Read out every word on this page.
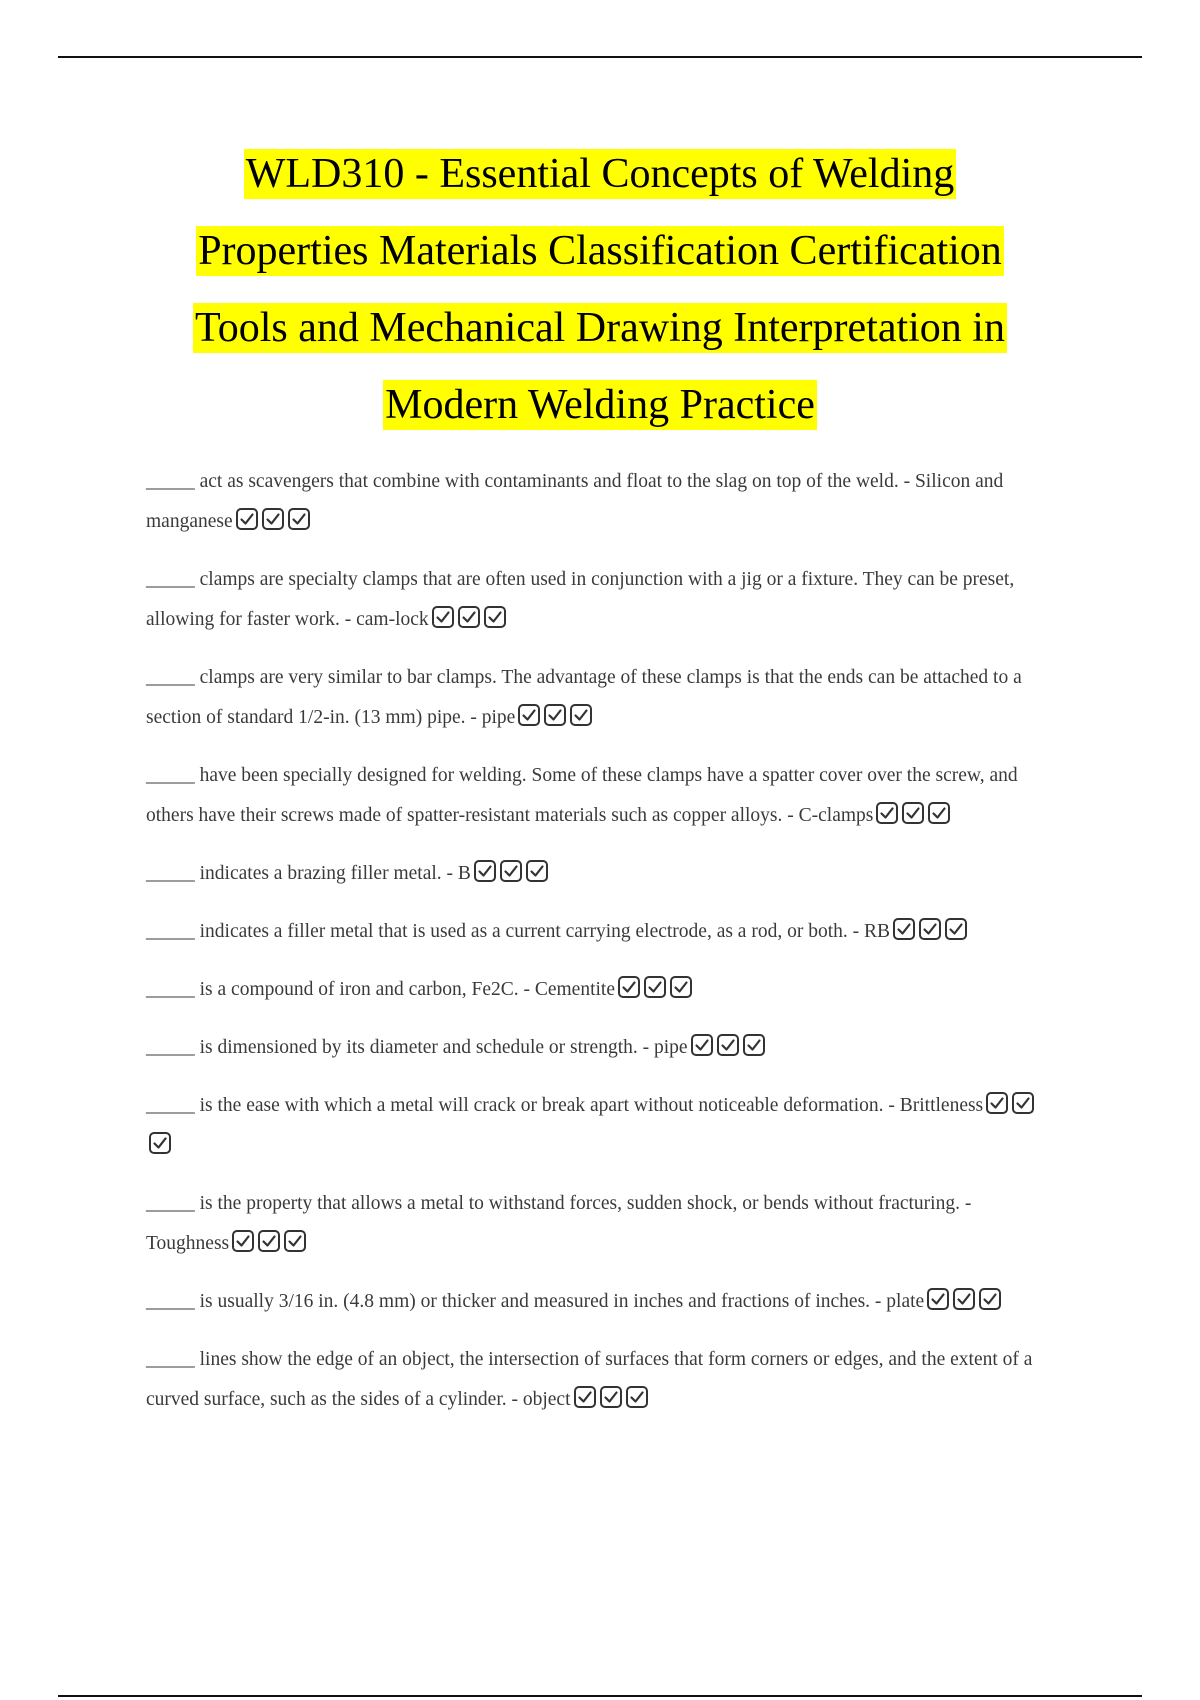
WLD310 - Essential Concepts of Welding
Properties Materials Classification Certification
Tools and Mechanical Drawing Interpretation in
Modern Welding Practice

_____ act as scavengers that combine with contaminants and float to the slag on top of the weld. - Silicon and manganese

_____ clamps are specialty clamps that are often used in conjunction with a jig or a fixture. They can be preset, allowing for faster work. - cam-lock

_____ clamps are very similar to bar clamps. The advantage of these clamps is that the ends can be attached to a section of standard 1/2-in. (13 mm) pipe. - pipe

_____ have been specially designed for welding. Some of these clamps have a spatter cover over the screw, and others have their screws made of spatter-resistant materials such as copper alloys. - C-clamps

_____ indicates a brazing filler metal. - B

_____ indicates a filler metal that is used as a current carrying electrode, as a rod, or both. - RB

_____ is a compound of iron and carbon, Fe2C. - Cementite

_____ is dimensioned by its diameter and schedule or strength. - pipe

_____ is the ease with which a metal will crack or break apart without noticeable deformation. - Brittleness

_____ is the property that allows a metal to withstand forces, sudden shock, or bends without fracturing. - Toughness

_____ is usually 3/16 in. (4.8 mm) or thicker and measured in inches and fractions of inches. - plate

_____ lines show the edge of an object, the intersection of surfaces that form corners or edges, and the extent of a curved surface, such as the sides of a cylinder. - object
